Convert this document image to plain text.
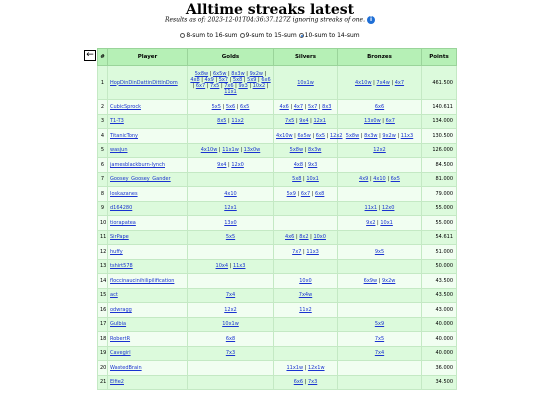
Alltime streaks latest
Results as of: 2023-12-01T04:36:37.127Z ignoring streaks of one. i
8-sum to 16-sum 9-sum to 15-sum 10-sum to 14-sum
←	#	Player	Golds	Silvers	Bronzes	Points
1	HopDinDinDattinDittlnDom	5x8w | 6x5w | 8x3w | 9x2w | 4x8 | 4x9 | 5x7 | 5x8 | 5x9 | 6x6 | 6x7 | 7x5 | 7x6 | 9x3 | 10x2 | 11x1	10x1w	4x10w | 7x4w | 4x7	461.500
2	CubicSprock	5x5 | 5x6 | 6x5	4x6 | 4x7 | 5x7 | 8x3	6x6	140.611
3	T1-T3	8x5 | 11x2	7x5 | 9x4 | 12x1	13x0w | 6x7	134.000
4	TitanicTony		4x10w | 6x5w | 6x5 | 12x2	5x8w | 8x3w | 9x2w | 11x3	130.500
5	wasjun	4x10w | 11x1w | 13x0w	5x8w | 8x3w	12x2	126.000
6	jamesblackburn-lynch	9x4 | 12x0	4x8 | 9x3		84.500
7	Goosey_Goosey_Gander		5x8 | 10x1	4x9 | 4x10 | 6x5	81.000
8	Ioskazanes	4x10	5x9 | 6x7 | 6x8		79.000
9	d164280	12x1		11x1 | 12x0	55.000
10	tiorapatea	13x0		9x2 | 10x1	55.000
11	SirPape	5x5	4x6 | 8x2 | 10x0		54.611
12	huffy		7x7 | 11x3	9x5	51.000
13	tshirt578	10x4 | 11x3			50.000
14	floccinaucinihilipilification		10x0	6x9w | 9x2w	43.500
15	act	7x4	7x4w		43.500
16	odwragg	12x2	11x2		43.000
17	Gulbia	10x1w		5x9	40.000
18	RobertR	6x8		7x5	40.000
19	Cavegirl	7x3		7x4	40.000
20	WastedBrain		11x1w | 12x1w		36.000
21	Elfie2		6x6 | 7x3		34.500
